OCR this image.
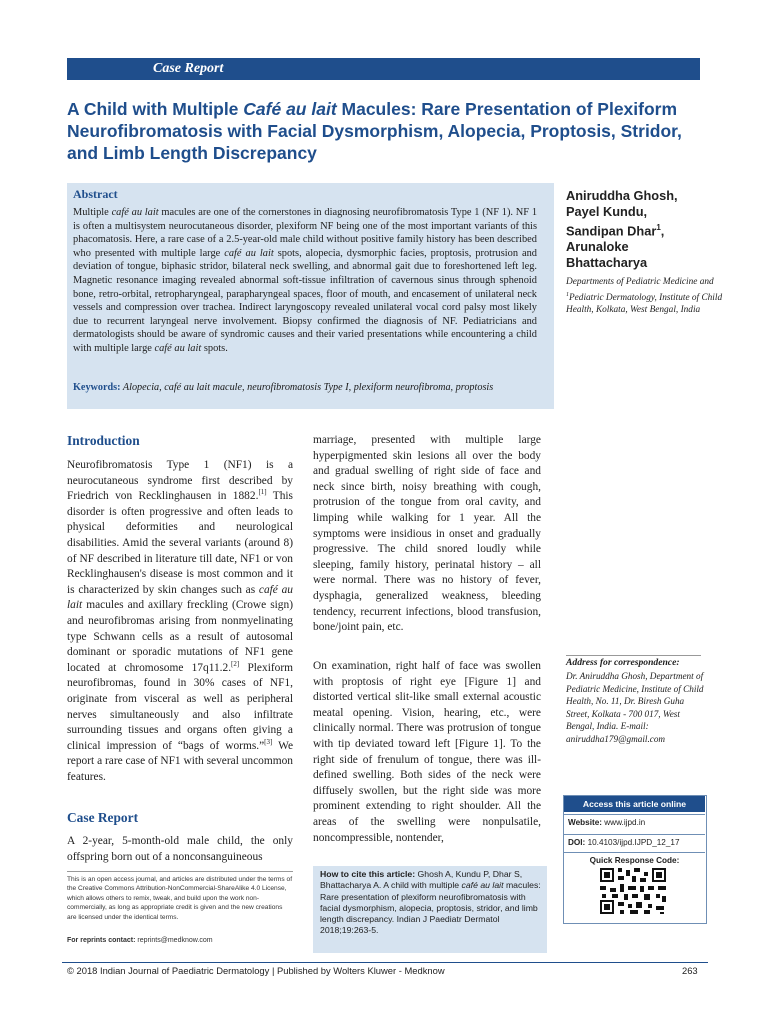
Case Report
A Child with Multiple Café au lait Macules: Rare Presentation of Plexiform Neurofibromatosis with Facial Dysmorphism, Alopecia, Proptosis, Stridor, and Limb Length Discrepancy
Abstract
Multiple café au lait macules are one of the cornerstones in diagnosing neurofibromatosis Type 1 (NF 1). NF 1 is often a multisystem neurocutaneous disorder, plexiform NF being one of the most important variants of this phacomatosis. Here, a rare case of a 2.5-year-old male child without positive family history has been described who presented with multiple large café au lait spots, alopecia, dysmorphic facies, proptosis, protrusion and deviation of tongue, biphasic stridor, bilateral neck swelling, and abnormal gait due to foreshortened left leg. Magnetic resonance imaging revealed abnormal soft-tissue infiltration of cavernous sinus through sphenoid bone, retro-orbital, retropharyngeal, parapharyngeal spaces, floor of mouth, and encasement of unilateral neck vessels and compression over trachea. Indirect laryngoscopy revealed unilateral vocal cord palsy most likely due to recurrent laryngeal nerve involvement. Biopsy confirmed the diagnosis of NF. Pediatricians and dermatologists should be aware of syndromic causes and their varied presentations while encountering a child with multiple large café au lait spots.
Keywords: Alopecia, café au lait macule, neurofibromatosis Type I, plexiform neurofibroma, proptosis
Aniruddha Ghosh,
Payel Kundu,
Sandipan Dhar$^1$,
Arunaloke
Bhattacharya
Departments of Pediatric Medicine and $^1$Pediatric Dermatology, Institute of Child Health, Kolkata, West Bengal, India
Introduction
Neurofibromatosis Type 1 (NF1) is a neurocutaneous syndrome first described by Friedrich von Recklinghausen in 1882.[1] This disorder is often progressive and often leads to physical deformities and neurological disabilities. Amid the several variants (around 8) of NF described in literature till date, NF1 or von Recklinghausen's disease is most common and it is characterized by skin changes such as café au lait macules and axillary freckling (Crowe sign) and neurofibromas arising from nonmyelinating type Schwann cells as a result of autosomal dominant or sporadic mutations of NF1 gene located at chromosome 17q11.2.[2] Plexiform neurofibromas, found in 30% cases of NF1, originate from visceral as well as peripheral nerves simultaneously and also infiltrate surrounding tissues and organs often giving a clinical impression of “bags of worms.”[3] We report a rare case of NF1 with several uncommon features.
Case Report
A 2-year, 5-month-old male child, the only offspring born out of a nonconsanguineous
marriage, presented with multiple large hyperpigmented skin lesions all over the body and gradual swelling of right side of face and neck since birth, noisy breathing with cough, protrusion of the tongue from oral cavity, and limping while walking for 1 year. All the symptoms were insidious in onset and gradually progressive. The child snored loudly while sleeping, family history, perinatal history – all were normal. There was no history of fever, dysphagia, generalized weakness, bleeding tendency, recurrent infections, blood transfusion, bone/joint pain, etc.
On examination, right half of face was swollen with proptosis of right eye [Figure 1] and distorted vertical slit-like small external acoustic meatal opening. Vision, hearing, etc., were clinically normal. There was protrusion of tongue with tip deviated toward left [Figure 1]. To the right side of frenulum of tongue, there was ill-defined swelling. Both sides of the neck were diffusely swollen, but the right side was more prominent extending to right shoulder. All the areas of the swelling were nonpulsatile, noncompressible, nontender,
This is an open access journal, and articles are distributed under the terms of the Creative Commons Attribution-NonCommercial-ShareAlike 4.0 License, which allows others to remix, tweak, and build upon the work non-commercially, as long as appropriate credit is given and the new creations are licensed under the identical terms.
For reprints contact: reprints@medknow.com
How to cite this article: Ghosh A, Kundu P, Dhar S, Bhattacharya A. A child with multiple café au lait macules: Rare presentation of plexiform neurofibromatosis with facial dysmorphism, alopecia, proptosis, stridor, and limb length discrepancy. Indian J Paediatr Dermatol 2018;19:263-5.
Address for correspondence:
Dr. Aniruddha Ghosh, Department of Pediatric Medicine, Institute of Child Health, No. 11, Dr. Biresh Guha Street, Kolkata - 700 017, West Bengal, India. E-mail: aniruddha179@gmail.com
Access this article online
Website: www.ijpd.in
DOI: 10.4103/ijpd.IJPD_12_17
Quick Response Code:
© 2018 Indian Journal of Paediatric Dermatology | Published by Wolters Kluwer - Medknow	263
